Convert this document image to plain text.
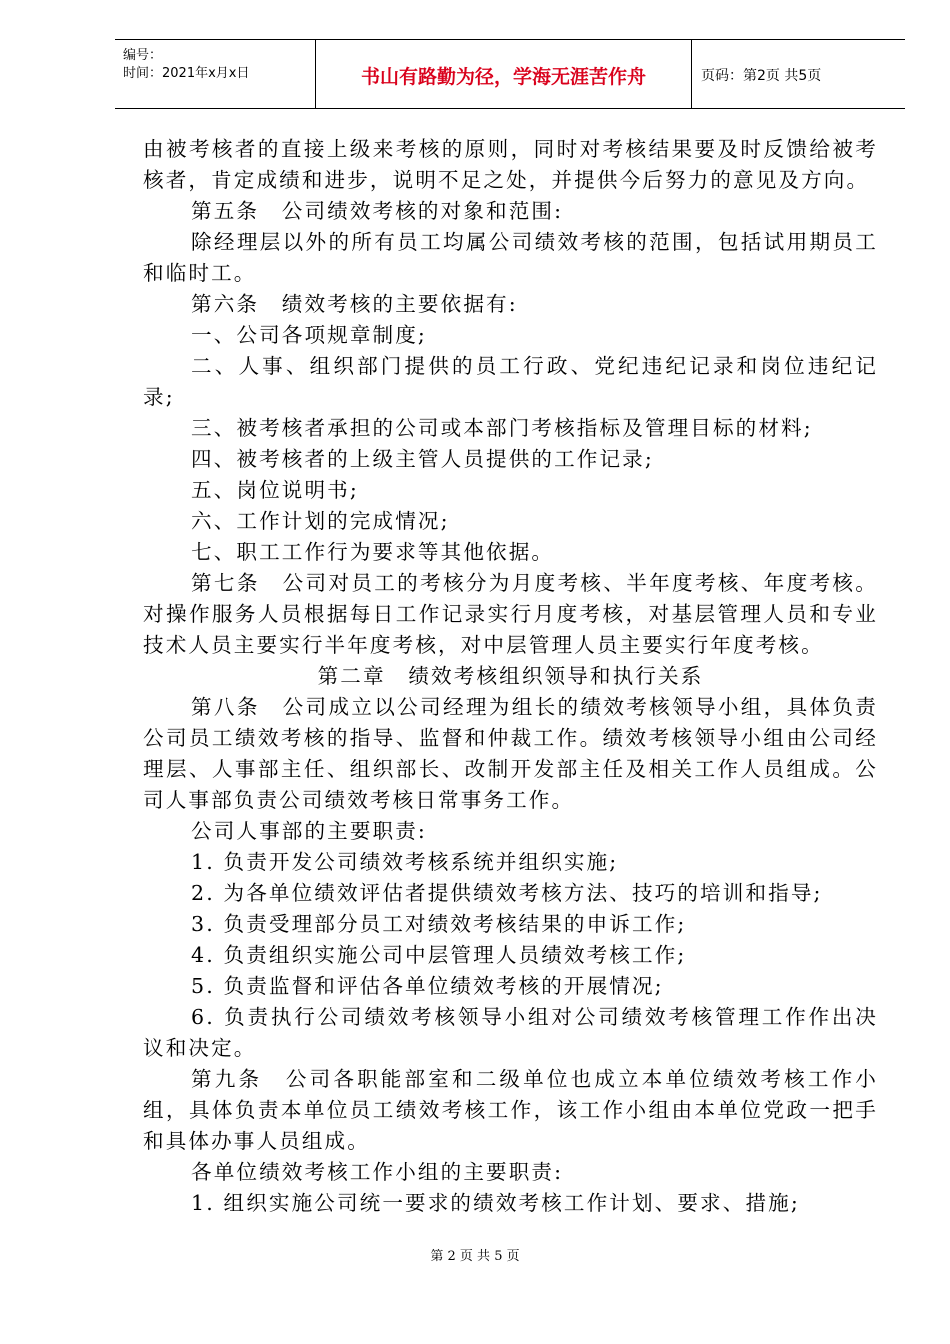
编号：
时间：2021年x月x日	书山有路勤为径，学海无涯苦作舟	页码：第2页 共5页

由被考核者的直接上级来考核的原则，同时对考核结果要及时反馈给被考核者，肯定成绩和进步，说明不足之处，并提供今后努力的意见及方向。

第五条　公司绩效考核的对象和范围:

除经理层以外的所有员工均属公司绩效考核的范围，包括试用期员工和临时工。

第六条　绩效考核的主要依据有:

一、公司各项规章制度;

二、人事、组织部门提供的员工行政、党纪违纪记录和岗位违纪记录;

三、被考核者承担的公司或本部门考核指标及管理目标的材料;

四、被考核者的上级主管人员提供的工作记录;

五、岗位说明书;

六、工作计划的完成情况;

七、职工工作行为要求等其他依据。

第七条　公司对员工的考核分为月度考核、半年度考核、年度考核。对操作服务人员根据每日工作记录实行月度考核，对基层管理人员和专业技术人员主要实行半年度考核，对中层管理人员主要实行年度考核。

第二章　绩效考核组织领导和执行关系

第八条　公司成立以公司经理为组长的绩效考核领导小组，具体负责公司员工绩效考核的指导、监督和仲裁工作。绩效考核领导小组由公司经理层、人事部主任、组织部长、改制开发部主任及相关工作人员组成。公司人事部负责公司绩效考核日常事务工作。

公司人事部的主要职责:

1. 负责开发公司绩效考核系统并组织实施;

2. 为各单位绩效评估者提供绩效考核方法、技巧的培训和指导;

3. 负责受理部分员工对绩效考核结果的申诉工作;

4. 负责组织实施公司中层管理人员绩效考核工作;

5. 负责监督和评估各单位绩效考核的开展情况;

6. 负责执行公司绩效考核领导小组对公司绩效考核管理工作作出决议和决定。

第九条　公司各职能部室和二级单位也成立本单位绩效考核工作小组，具体负责本单位员工绩效考核工作，该工作小组由本单位党政一把手和具体办事人员组成。

各单位绩效考核工作小组的主要职责:

1. 组织实施公司统一要求的绩效考核工作计划、要求、措施;

第 2 页 共 5 页
